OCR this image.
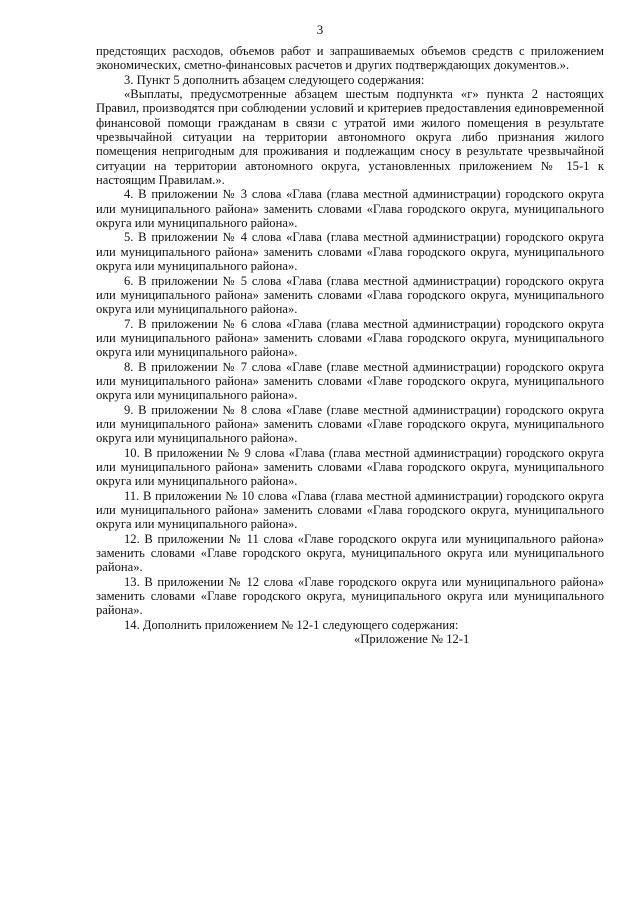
3

предстоящих расходов, объемов работ и запрашиваемых объемов средств с приложением экономических, сметно-финансовых расчетов и других подтверждающих документов.».

3. Пункт 5 дополнить абзацем следующего содержания:

«Выплаты, предусмотренные абзацем шестым подпункта «г» пункта 2 настоящих Правил, производятся при соблюдении условий и критериев предоставления единовременной финансовой помощи гражданам в связи с утратой ими жилого помещения в результате чрезвычайной ситуации на территории автономного округа либо признания жилого помещения непригодным для проживания и подлежащим сносу в результате чрезвычайной ситуации на территории автономного округа, установленных приложением № 15-1 к настоящим Правилам.».

4. В приложении № 3 слова «Глава (глава местной администрации) городского округа или муниципального района» заменить словами «Глава городского округа, муниципального округа или муниципального района».

5. В приложении № 4 слова «Глава (глава местной администрации) городского округа или муниципального района» заменить словами «Глава городского округа, муниципального округа или муниципального района».

6. В приложении № 5 слова «Глава (глава местной администрации) городского округа или муниципального района» заменить словами «Глава городского округа, муниципального округа или муниципального района».

7. В приложении № 6 слова «Глава (глава местной администрации) городского округа или муниципального района» заменить словами «Глава городского округа, муниципального округа или муниципального района».

8. В приложении № 7 слова «Главе (главе местной администрации) городского округа или муниципального района» заменить словами «Главе городского округа, муниципального округа или муниципального района».

9. В приложении № 8 слова «Главе (главе местной администрации) городского округа или муниципального района» заменить словами «Главе городского округа, муниципального округа или муниципального района».

10. В приложении № 9 слова «Глава (глава местной администрации) городского округа или муниципального района» заменить словами «Глава городского округа, муниципального округа или муниципального района».

11. В приложении № 10 слова «Глава (глава местной администрации) городского округа или муниципального района» заменить словами «Глава городского округа, муниципального округа или муниципального района».

12. В приложении № 11 слова «Главе городского округа или муниципального района» заменить словами «Главе городского округа, муниципального округа или муниципального района».

13. В приложении № 12 слова «Главе городского округа или муниципального района» заменить словами «Главе городского округа, муниципального округа или муниципального района».

14. Дополнить приложением № 12-1 следующего содержания:

«Приложение № 12-1
